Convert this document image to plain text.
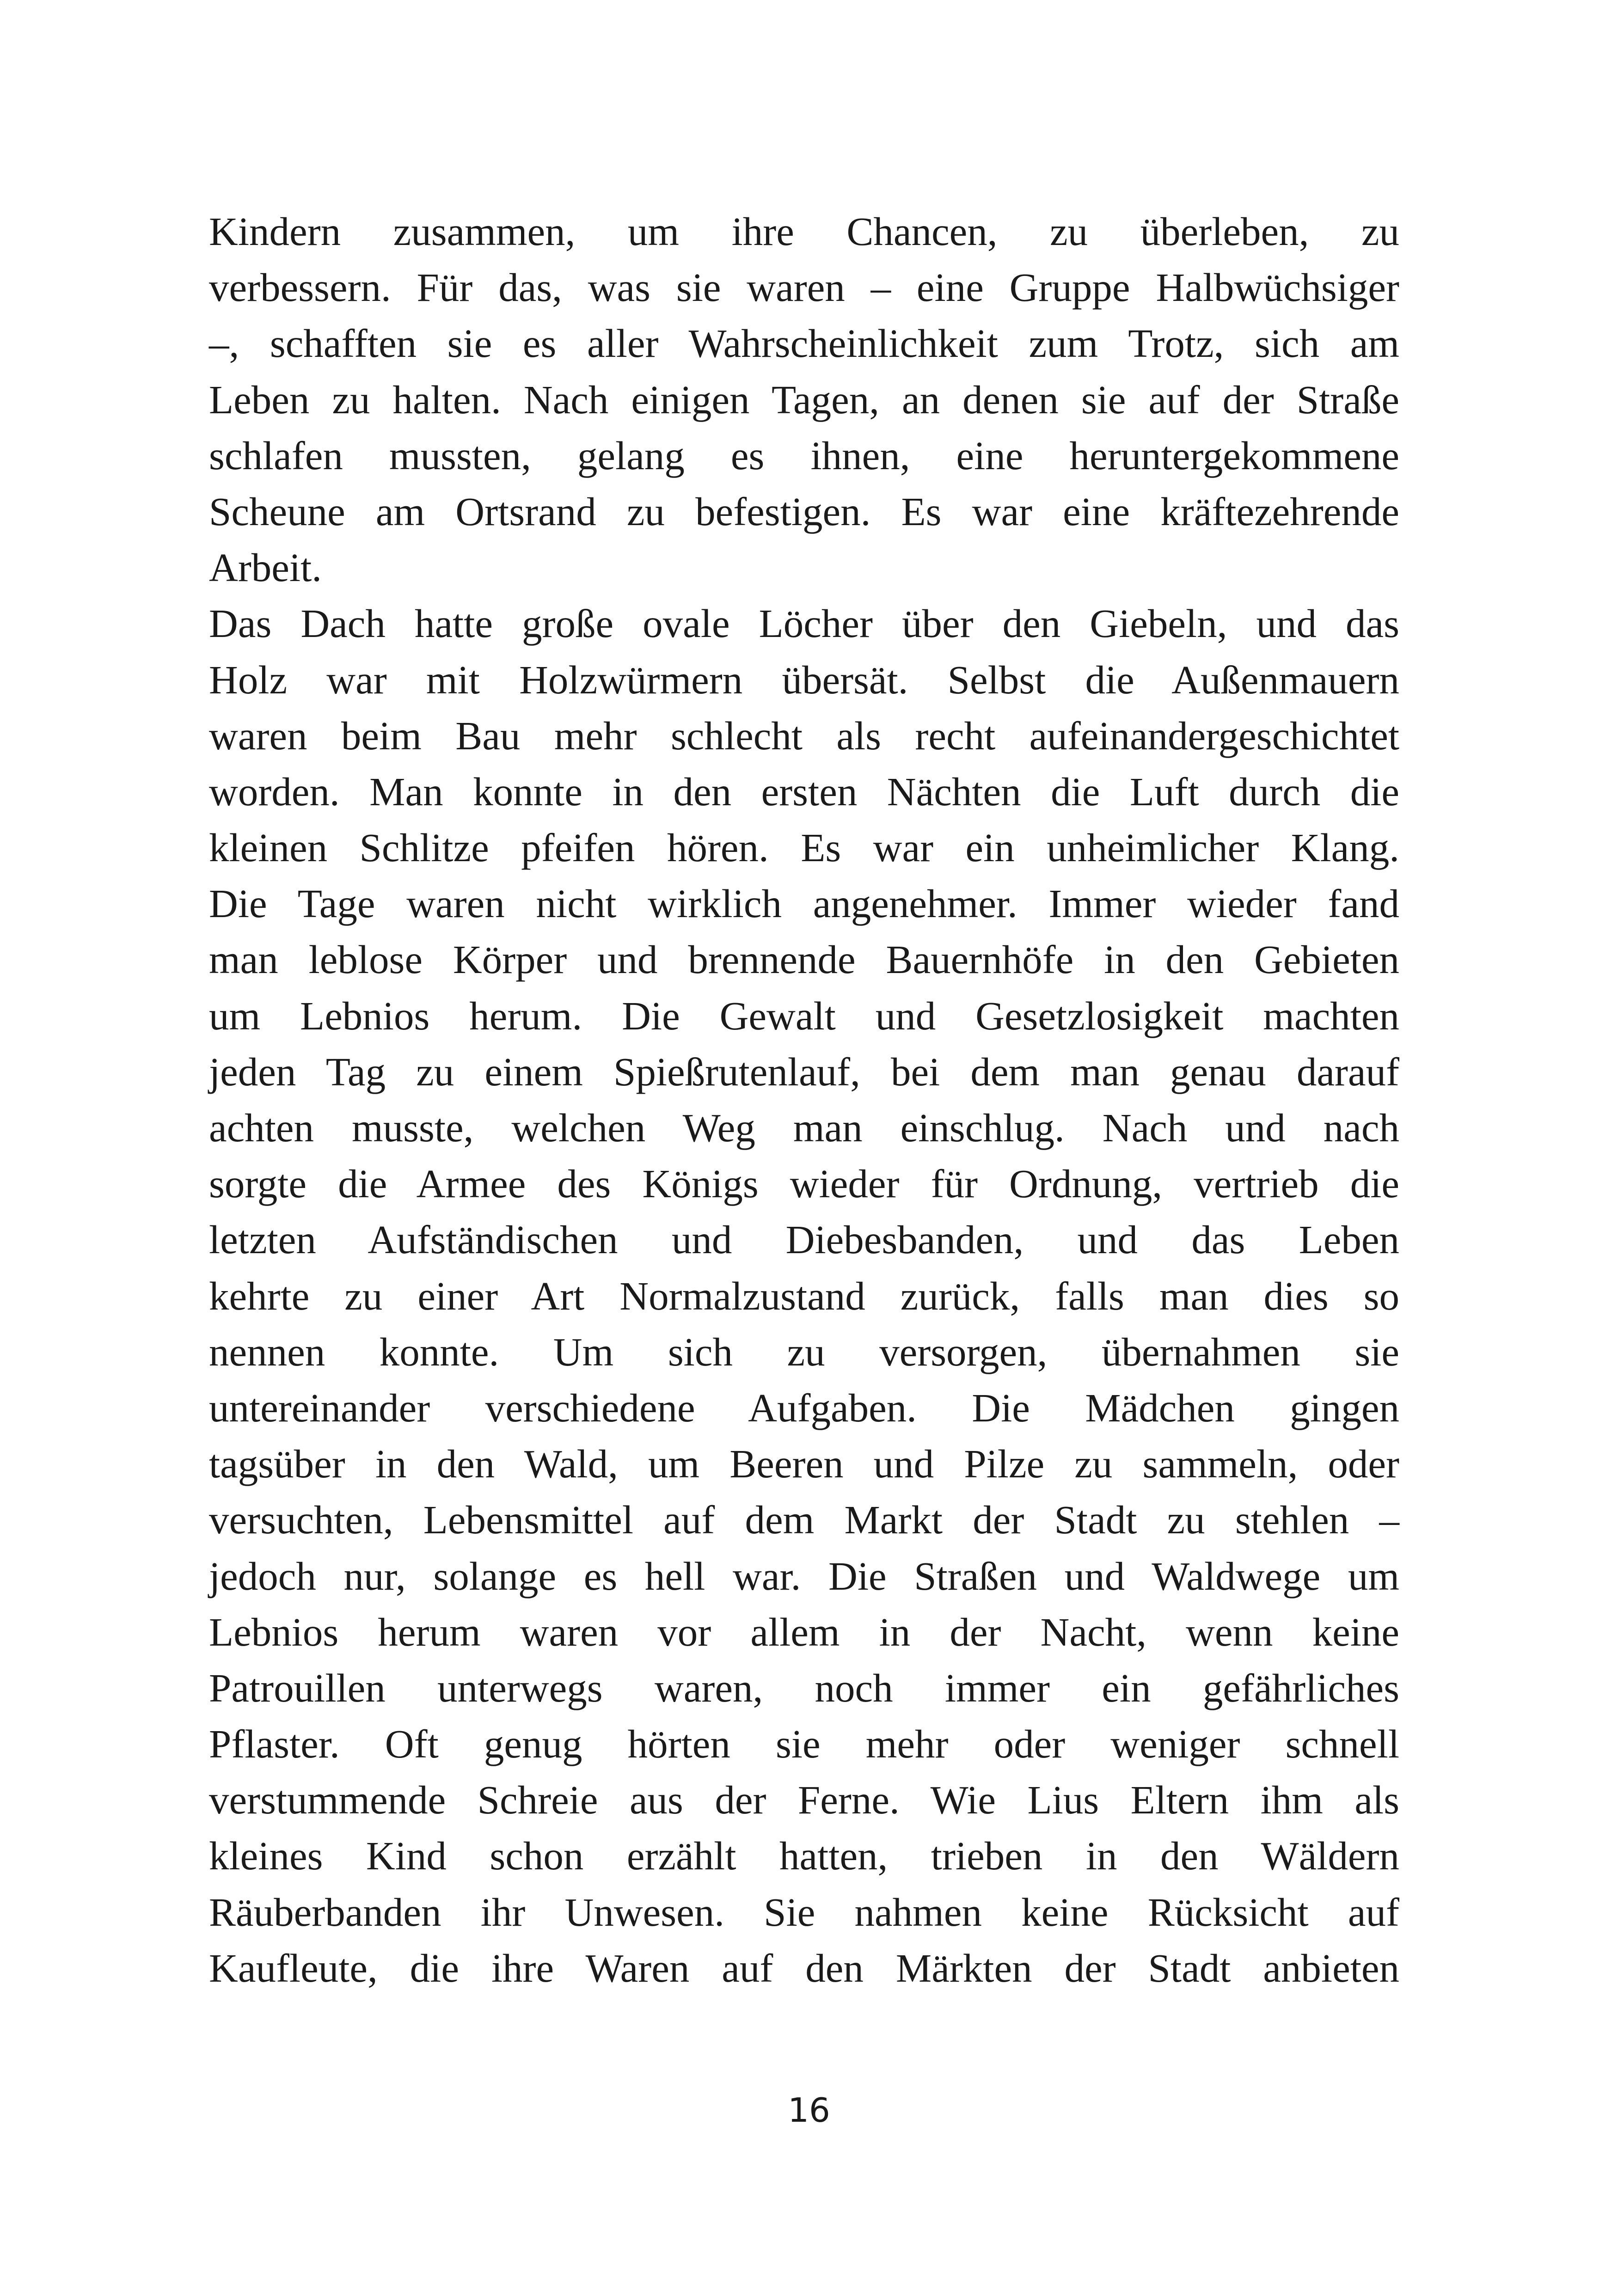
Kindern zusammen, um ihre Chancen, zu überleben, zu
verbessern. Für das, was sie waren – eine Gruppe Halbwüchsiger
–, schafften sie es aller Wahrscheinlichkeit zum Trotz, sich am
Leben zu halten. Nach einigen Tagen, an denen sie auf der Straße
schlafen mussten, gelang es ihnen, eine heruntergekommene
Scheune am Ortsrand zu befestigen. Es war eine kräftezehrende
Arbeit.
Das Dach hatte große ovale Löcher über den Giebeln, und das
Holz war mit Holzwürmern übersät. Selbst die Außenmauern
waren beim Bau mehr schlecht als recht aufeinandergeschichtet
worden. Man konnte in den ersten Nächten die Luft durch die
kleinen Schlitze pfeifen hören. Es war ein unheimlicher Klang.
Die Tage waren nicht wirklich angenehmer. Immer wieder fand
man leblose Körper und brennende Bauernhöfe in den Gebieten
um Lebnios herum. Die Gewalt und Gesetzlosigkeit machten
jeden Tag zu einem Spießrutenlauf, bei dem man genau darauf
achten musste, welchen Weg man einschlug. Nach und nach
sorgte die Armee des Königs wieder für Ordnung, vertrieb die
letzten Aufständischen und Diebesbanden, und das Leben
kehrte zu einer Art Normalzustand zurück, falls man dies so
nennen konnte. Um sich zu versorgen, übernahmen sie
untereinander verschiedene Aufgaben. Die Mädchen gingen
tagsüber in den Wald, um Beeren und Pilze zu sammeln, oder
versuchten, Lebensmittel auf dem Markt der Stadt zu stehlen –
jedoch nur, solange es hell war. Die Straßen und Waldwege um
Lebnios herum waren vor allem in der Nacht, wenn keine
Patrouillen unterwegs waren, noch immer ein gefährliches
Pflaster. Oft genug hörten sie mehr oder weniger schnell
verstummende Schreie aus der Ferne. Wie Lius Eltern ihm als
kleines Kind schon erzählt hatten, trieben in den Wäldern
Räuberbanden ihr Unwesen. Sie nahmen keine Rücksicht auf
Kaufleute, die ihre Waren auf den Märkten der Stadt anbieten
16
